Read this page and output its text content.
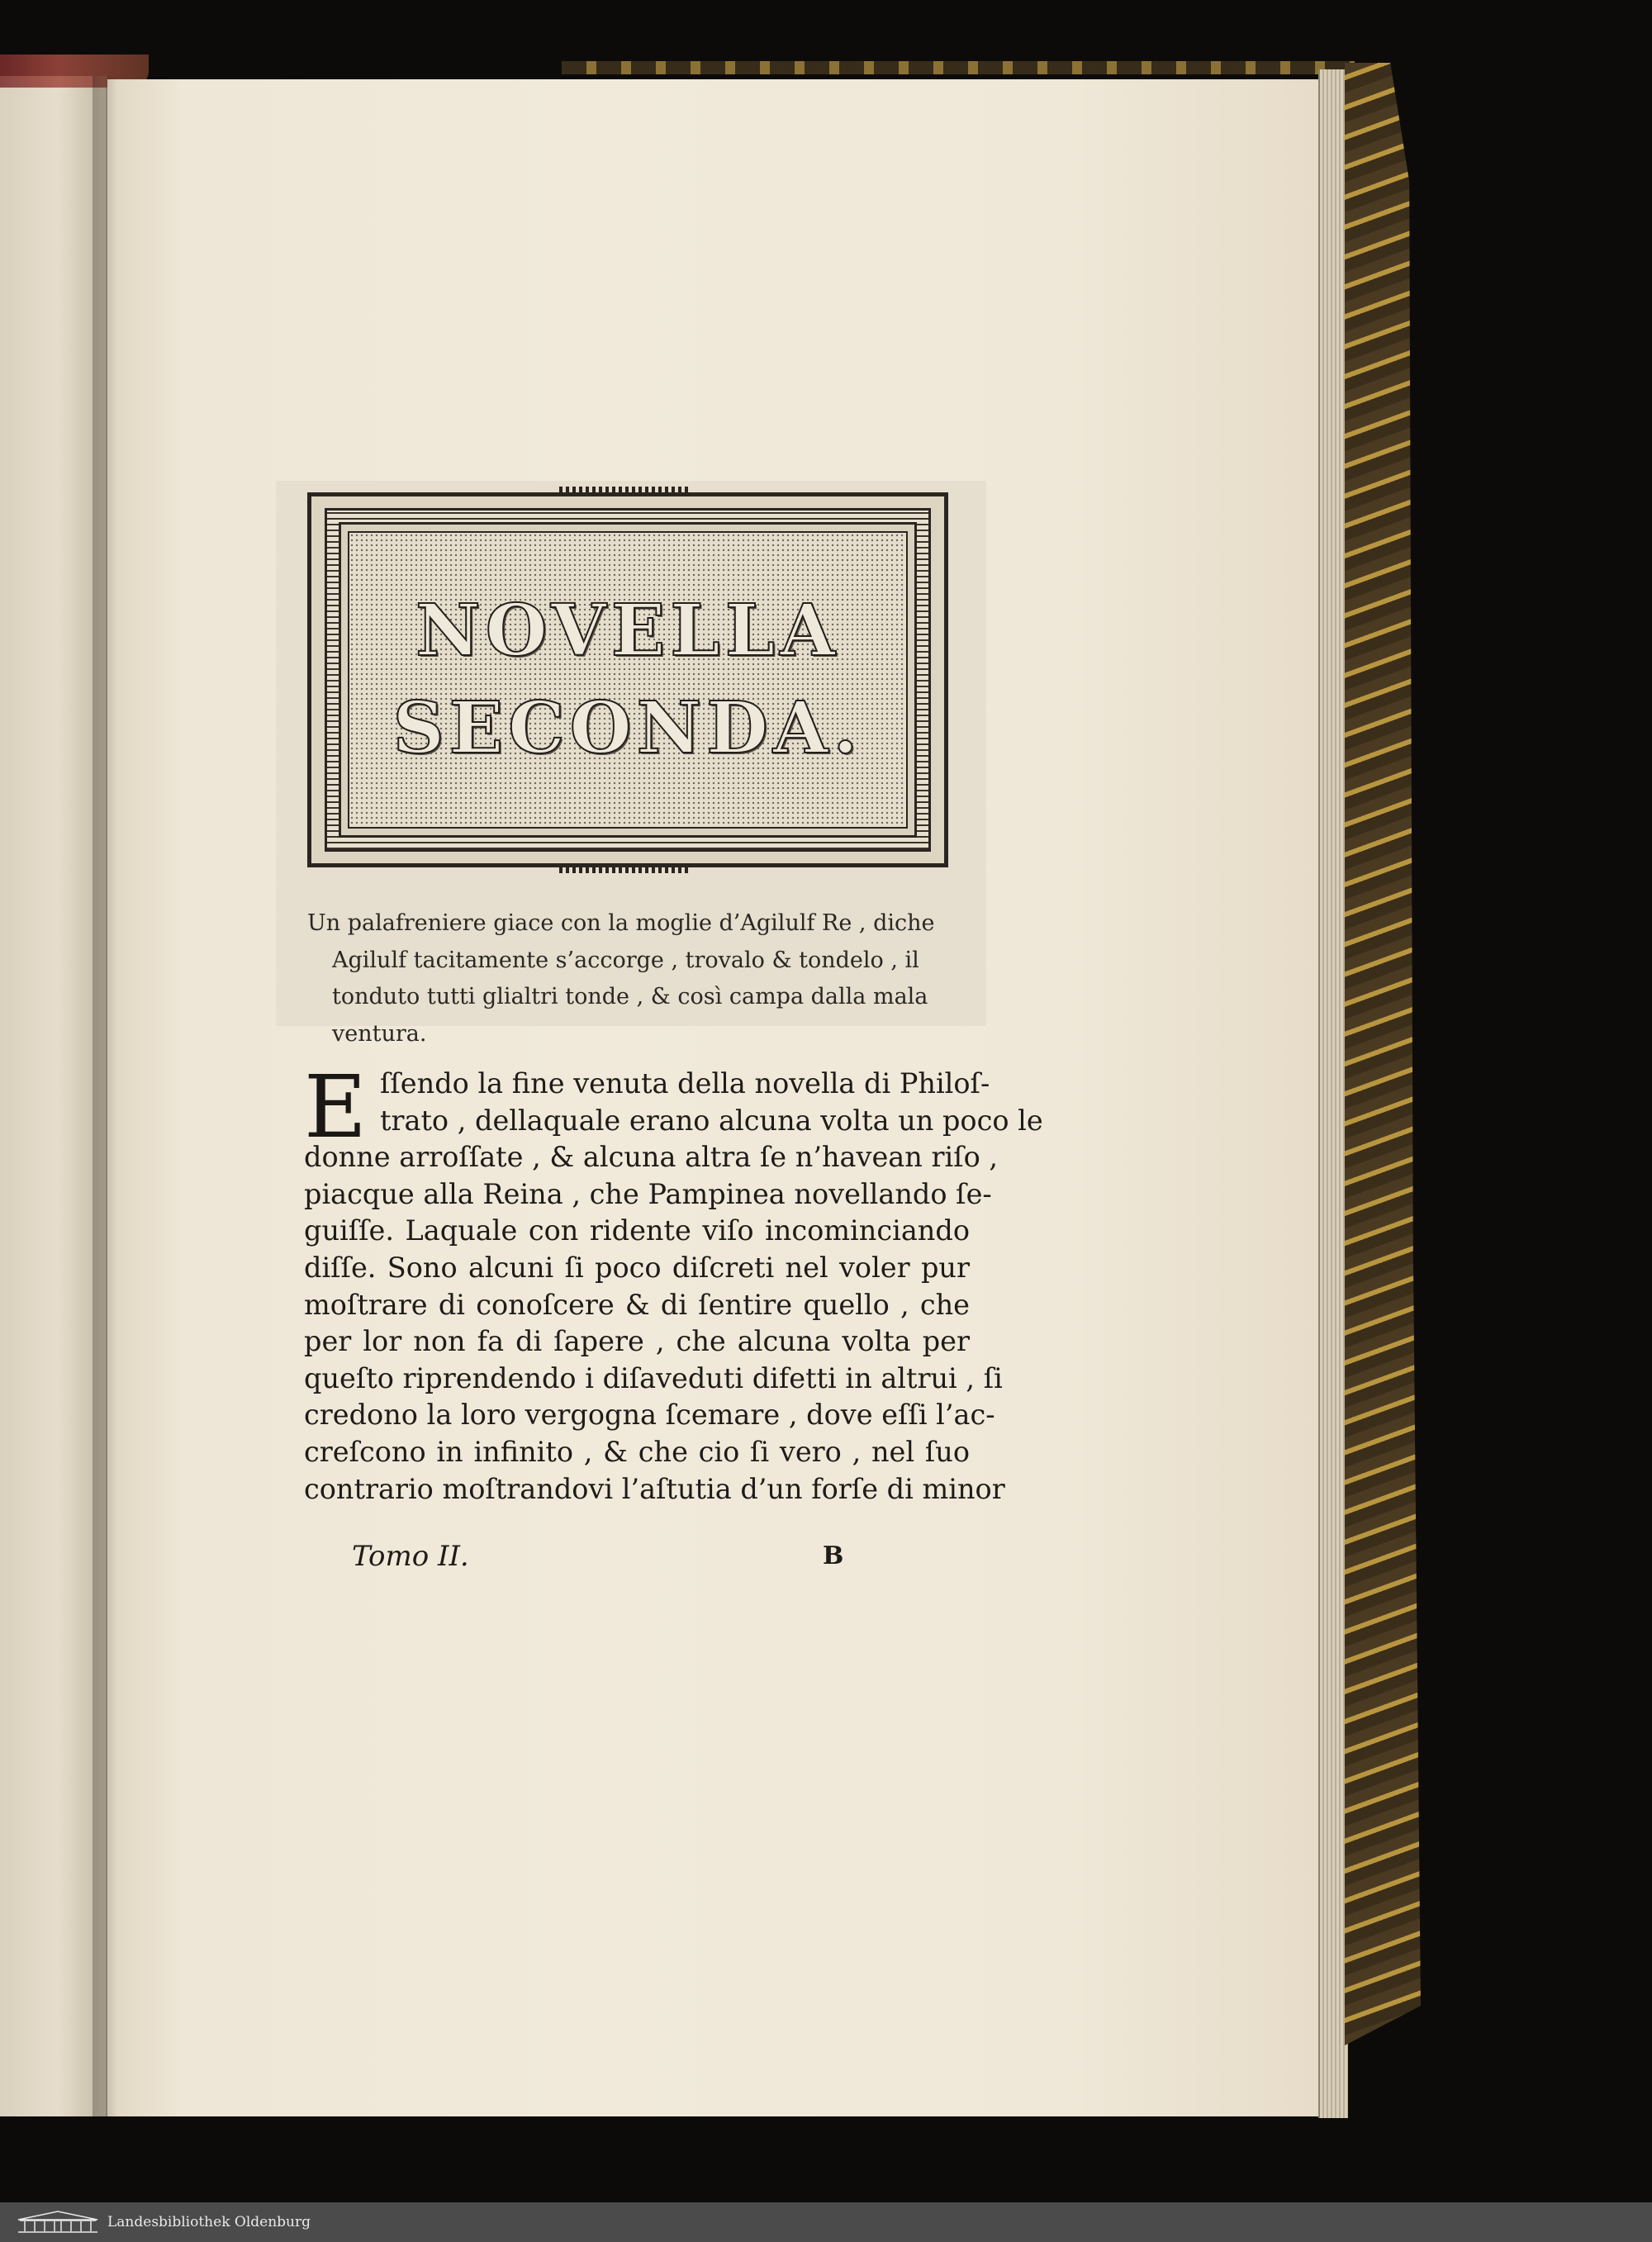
NOVELLA
SECONDA.

Un palafreniere giace con la moglie d’Agilulf Re , diche

Agilulf tacitamente s’accorge , trovalo & tondelo , il

tonduto tutti glialtri tonde , & così campa dalla mala

ventura.

E ſſendo la fine venuta della novella di Philoſ-
trato , dellaquale erano alcuna volta un poco le
donne arroſſate , & alcuna altra ſe n’havean riſo ,
piacque alla Reina , che Pampinea novellando ſe-
guiſſe. Laquale con ridente viſo incominciando
diſſe. Sono alcuni ſi poco diſcreti nel voler pur
moſtrare di conoſcere & di ſentire quello , che
per lor non fa di ſapere , che alcuna volta per
queſto riprendendo i diſaveduti difetti in altrui , ſi
credono la loro vergogna ſcemare , dove eſſi l’ac-
creſcono in infinito , & che cio ſi vero , nel ſuo
contrario moſtrandovi l’aſtutia d’un forſe di minor
Tomo II.	B
Landesbibliothek Oldenburg
